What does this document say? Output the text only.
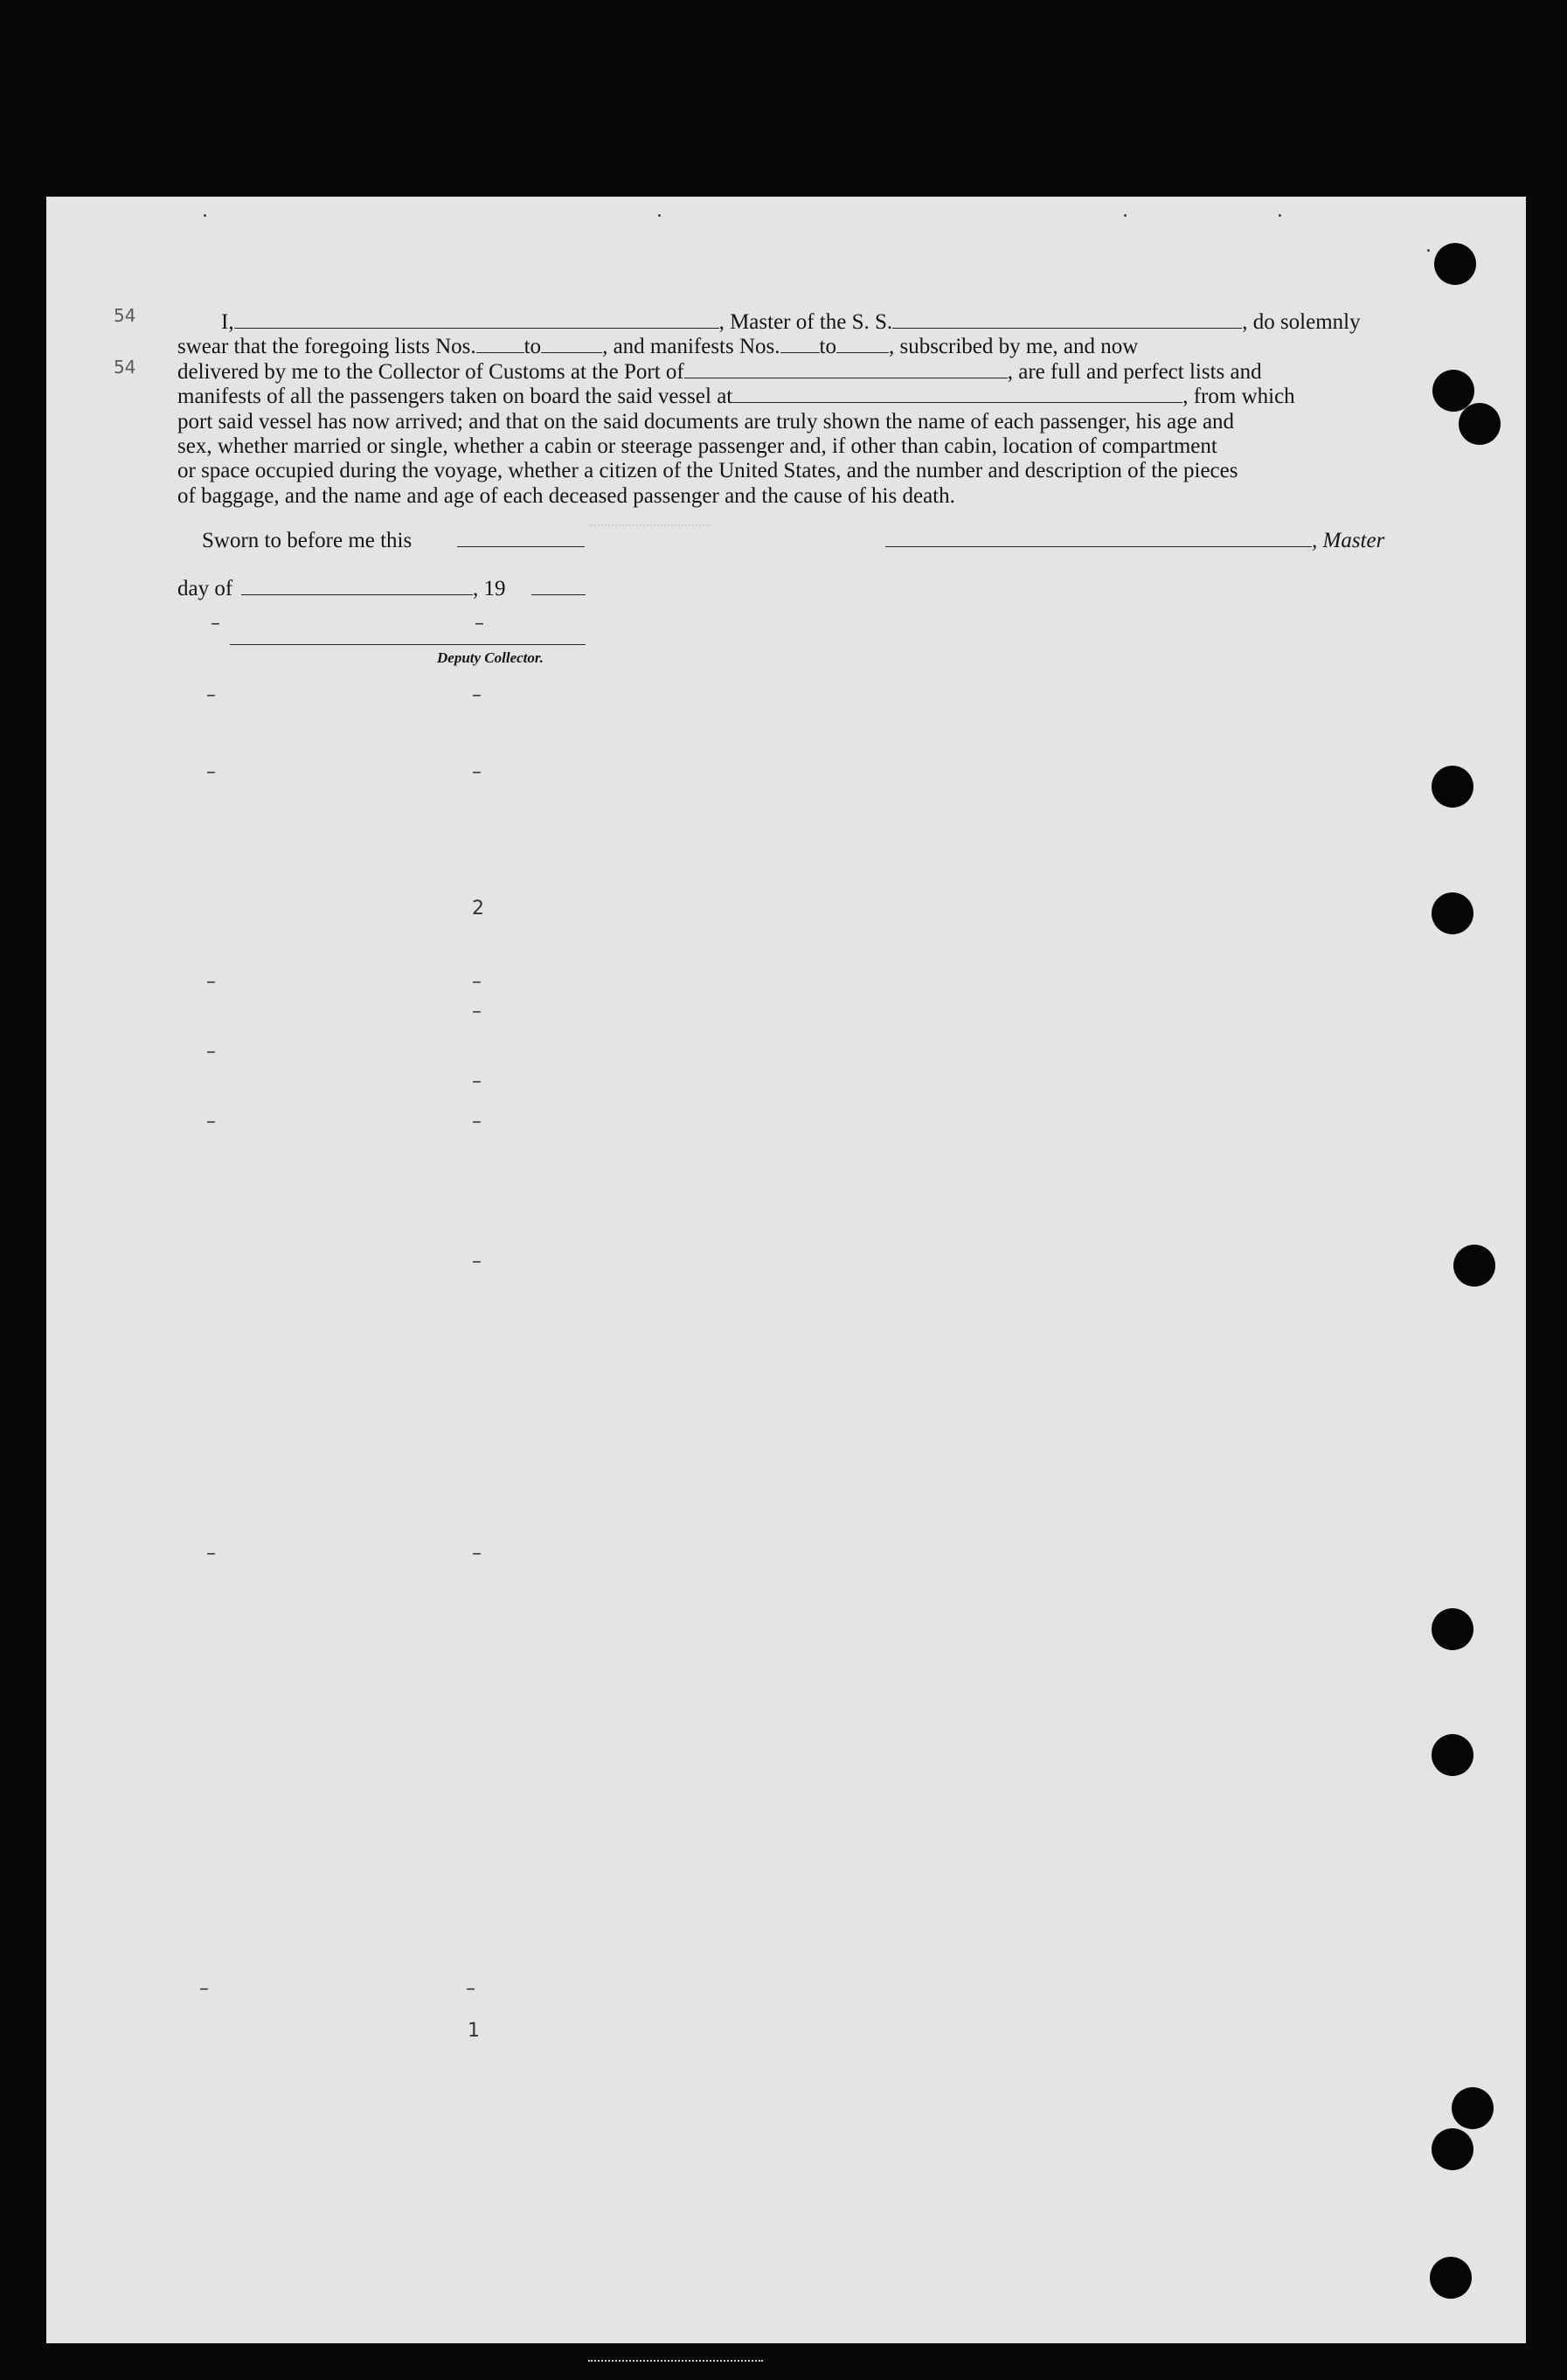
54
54
I,	, Master of the S. S.	, do solemnly
swear that the foregoing lists Nos. to	, and manifests Nos. to , subscribed by me, and now
delivered by me to the Collector of Customs at the Port of	, are full and perfect lists and
manifests of all the passengers taken on board the said vessel at	, from which
port said vessel has now arrived; and that on the said documents are truly shown the name of each passenger, his age and
sex, whether married or single, whether a cabin or steerage passenger and, if other than cabin, location of compartment
or space occupied during the voyage, whether a citizen of the United States, and the number and description of the pieces
of baggage, and the name and age of each deceased passenger and the cause of his death.
Sworn to before me this	, Master
day of	, 19
–	–
Deputy Collector.
–	–
–	–
2
–	–
–
–
–
–	–
–
–	–
–	–
1
